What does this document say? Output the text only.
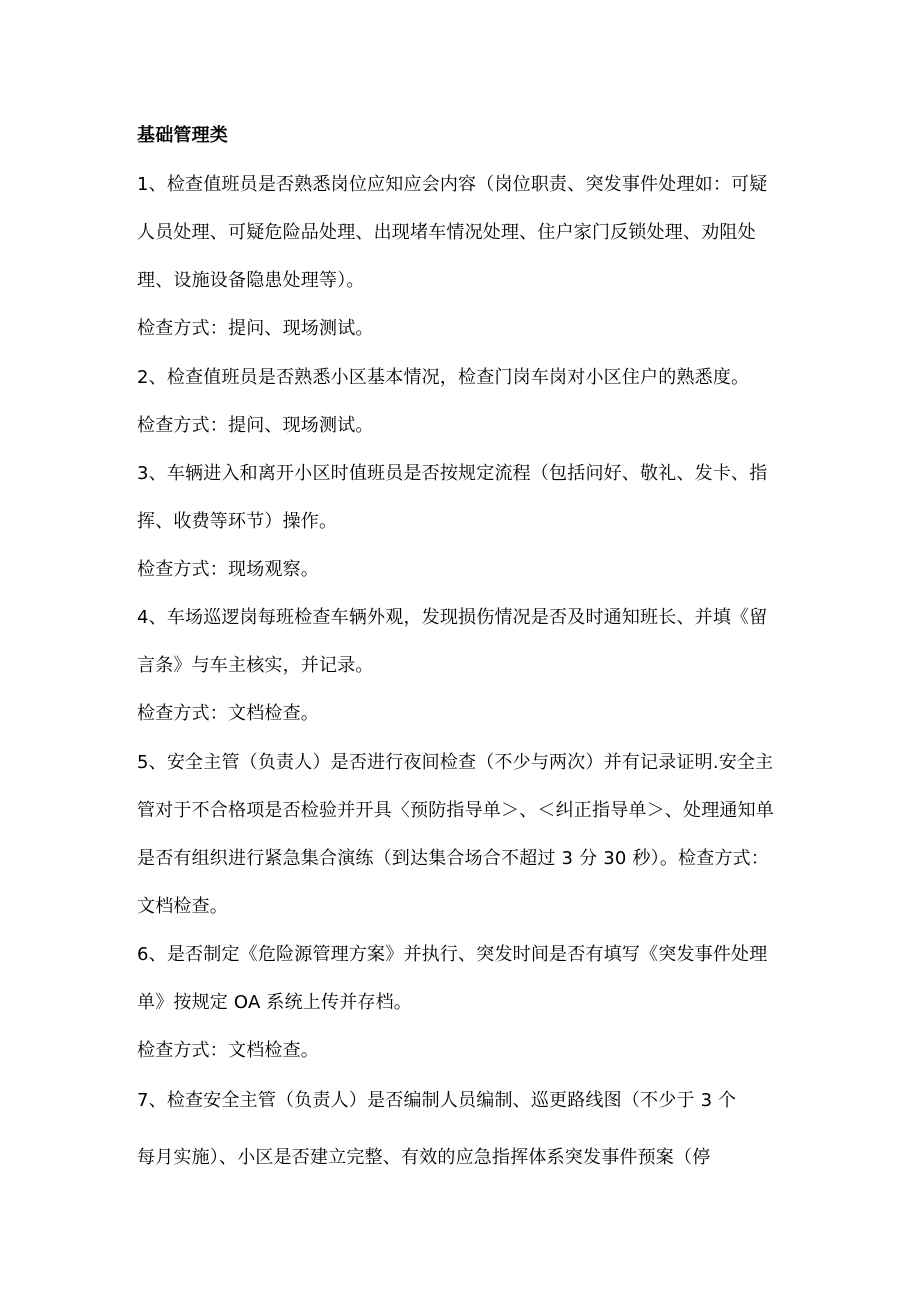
基础管理类
1、检查值班员是否熟悉岗位应知应会内容（岗位职责、突发事件处理如：可疑
人员处理、可疑危险品处理、出现堵车情况处理、住户家门反锁处理、劝阻处
理、设施设备隐患处理等）。
检查方式：提问、现场测试。
2、检查值班员是否熟悉小区基本情况，检查门岗车岗对小区住户的熟悉度。
检查方式：提问、现场测试。
3、车辆进入和离开小区时值班员是否按规定流程（包括问好、敬礼、发卡、指
挥、收费等环节）操作。
检查方式：现场观察。
4、车场巡逻岗每班检查车辆外观，发现损伤情况是否及时通知班长、并填《留
言条》与车主核实，并记录。
检查方式：文档检查。
5、安全主管（负责人）是否进行夜间检查（不少与两次）并有记录证明.安全主
管对于不合格项是否检验并开具〈预防指导单＞、＜纠正指导单＞、处理通知单
是否有组织进行紧急集合演练（到达集合场合不超过 3 分 30 秒）。检查方式：
文档检查。
6、是否制定《危险源管理方案》并执行、突发时间是否有填写《突发事件处理
单》按规定 OA 系统上传并存档。
检查方式：文档检查。
7、检查安全主管（负责人）是否编制人员编制、巡更路线图（不少于 3 个
每月实施）、小区是否建立完整、有效的应急指挥体系突发事件预案（停
